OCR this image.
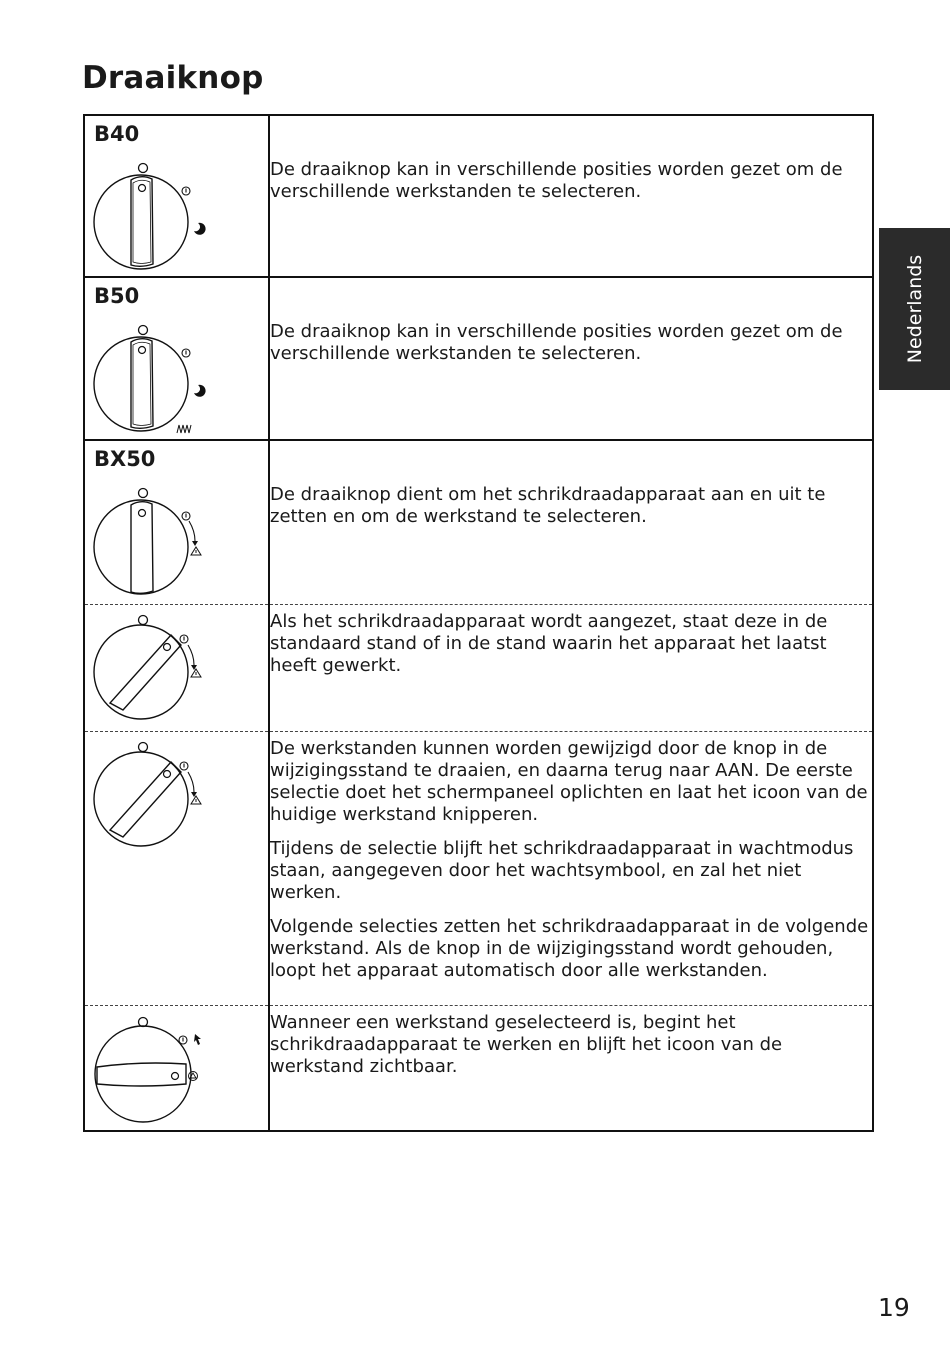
Draaiknop
Nederlands
B40	De draaiknop kan in verschillende posities worden gezet om de verschillende werkstanden te selecteren.

B50	De draaiknop kan in verschillende posities worden gezet om de verschillende werkstanden te selecteren.

BX50	De draaiknop dient om het schrikdraadapparaat aan en uit te zetten en om de werkstand te selecteren.

Als het schrikdraadapparaat wordt aangezet, staat deze in de standaard stand of in de stand waarin het apparaat het laatst heeft gewerkt.

De werkstanden kunnen worden gewijzigd door de knop in de wijzigingsstand te draaien, en daarna terug naar AAN. De eerste selectie doet het schermpaneel oplichten en laat het icoon van de huidige werkstand knipperen.

Tijdens de selectie blijft het schrikdraadapparaat in wachtmodus staan, aangegeven door het wachtsymbool, en zal het niet werken.

Volgende selecties zetten het schrikdraadapparaat in de volgende werkstand. Als de knop in de wijzigingsstand wordt gehouden, loopt het apparaat automatisch door alle werkstanden.

Wanneer een werkstand geselecteerd is, begint het schrikdraadapparaat te werken en blijft het icoon van de werkstand zichtbaar.

19
